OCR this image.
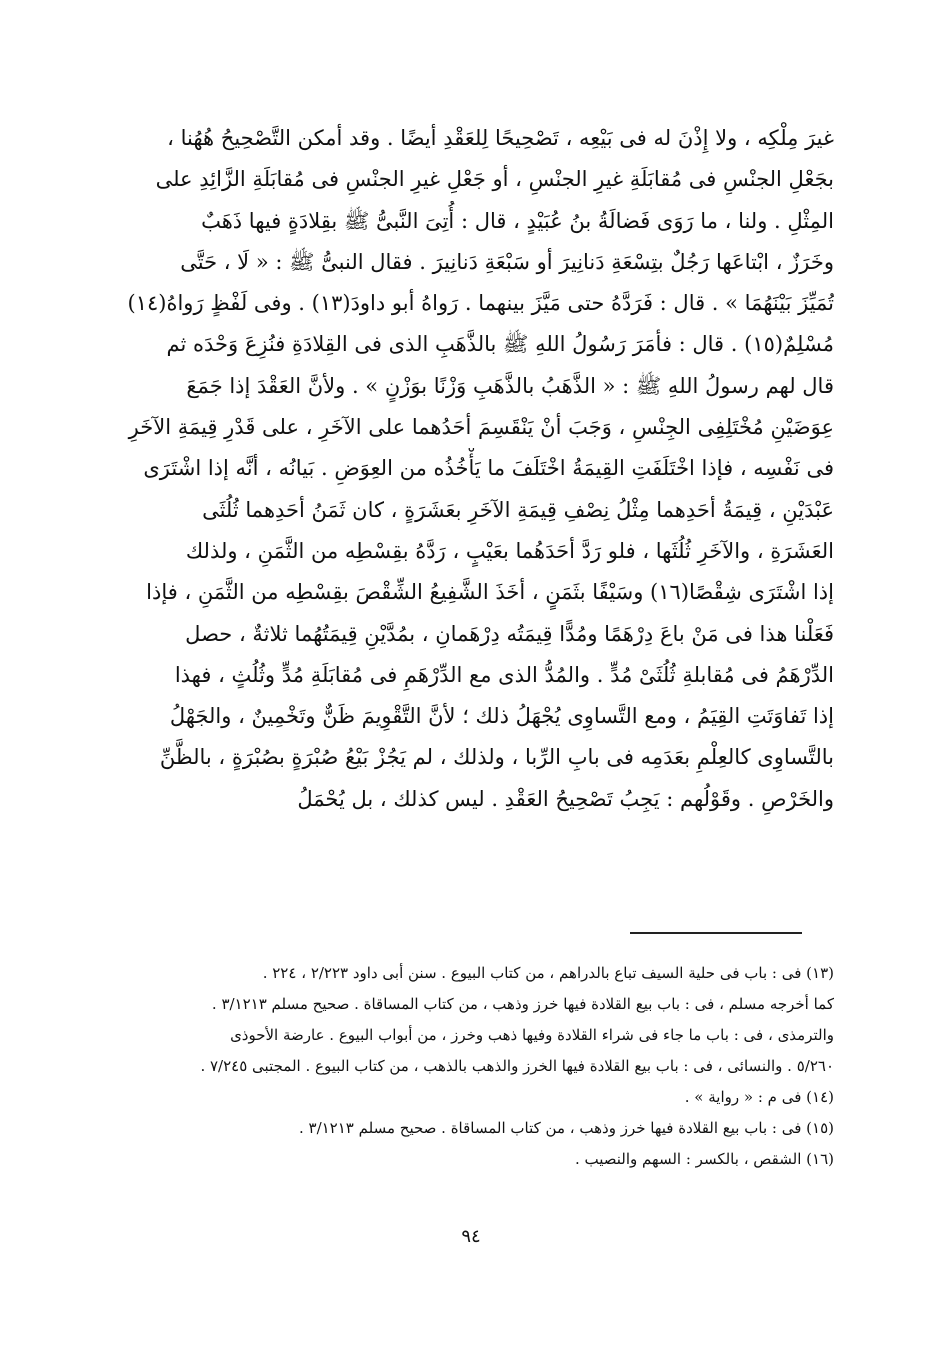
غيرَ مِلْكِه ، ولا إِذْنَ له فى بَيْعِه ، تَصْحِيحًا لِلعَقْدِ أيضًا . وقد أمكن التَّصْحِيحُ هُهُنا ،
بجَعْلِ الجنْسِ فى مُقابَلَةِ غيرِ الجنْسِ ، أو جَعْلِ غيرِ الجنْسِ فى مُقابَلَةِ الزَّائِدِ على
المِثْلِ . ولنا ، ما رَوَى فَضالَةُ بنُ عُبَيْدٍ ، قال : أُتِىَ النَّبىُّ ﷺ بقِلادَةٍ فيها ذَهَبٌ
وخَرَزٌ ، ابْتاعَها رَجُلٌ بتِسْعَةِ دَنانِيرَ أو سَبْعَةِ دَنانِيرَ . فقال النبىُّ ﷺ : « لَا ، حَتَّى
تُمَيِّزَ بَيْنَهُمَا » . قال : فَرَدَّهُ حتى مَيَّزَ بينهما . رَواهُ أبو داودَ(١٣) . وفى لَفْظٍ رَواهُ(١٤)
مُسْلِمٌ(١٥) . قال : فأمَرَ رَسُولُ اللهِ ﷺ بالذَّهَبِ الذى فى القِلادَةِ فنُزِعَ وَحْدَه ثم
قال لهم رسولُ اللهِ ﷺ : « الذَّهَبُ بالذَّهَبِ وَزْنًا بوَزْنٍ » . ولأنَّ العَقْدَ إذا جَمَعَ
عِوَضَيْنِ مُخْتَلِفِى الجِنْسِ ، وَجَبَ أنْ يَنْقَسِمَ أحَدُهما على الآخَرِ ، على قَدْرِ قِيمَةِ الآخَرِ
فى نَفْسِه ، فإذا اخْتَلَفَتِ القِيمَةُ اخْتَلَفَ ما يَأْخُذُه من العِوَضِ . بَيانُه ، أنَّه إذا اشْتَرَى
عَبْدَيْنِ ، قِيمَةُ أحَدِهما مِثْلُ نِصْفِ قِيمَةِ الآخَرِ بعَشَرَةٍ ، كان ثَمَنُ أحَدِهما ثُلُثَى
العَشَرَةِ ، والآخَرِ ثُلُثَها ، فلو رَدَّ أحَدَهُما بعَيْبٍ ، رَدَّهُ بقِسْطِه من الثَّمَنِ ، ولذلك
إذا اشْتَرَى شِقْصًا(١٦) وسَيْفًا بثَمَنٍ ، أخَذَ الشَّفِيعُ الشِّقْصَ بقِسْطِه من الثَّمَنِ ، فإذا
فَعَلْنا هذا فى مَنْ باعَ دِرْهَمًا ومُدًّا قِيمَتُه دِرْهَمانِ ، بمُدَّيْنِ قِيمَتُهُما ثلاثةٌ ، حصل
الدِّرْهَمُ فى مُقابلةِ ثُلُثَىْ مُدٍّ . والمُدُّ الذى مع الدِّرْهَمِ فى مُقابَلَةِ مُدٍّ وثُلُثٍ ، فهذا
إذا تَفاوَتَتِ القِيَمُ ، ومع التَّساوِى يُجْهَلُ ذلك ؛ لأنَّ التَّقْوِيمَ ظَنٌّ وتَخْمِينٌ ، والجَهْلُ
بالتَّساوِى كالعِلْمِ بعَدَمِه فى بابِ الرِّبا ، ولذلك ، لم يَجُزْ بَيْعُ صُبْرَةٍ بصُبْرَةٍ ، بالظَّنِّ
والخَرْصِ . وقَوْلُهم : يَجِبُ تَصْحِيحُ العَقْدِ . ليس كذلك ، بل يُحْمَلُ
(١٣) فى : باب فى حلية السيف تباع بالدراهم ، من كتاب البيوع . سنن أبى داود ٢/٢٢٣ ، ٢٢٤ .
كما أخرجه مسلم ، فى : باب بيع القلادة فيها خرز وذهب ، من كتاب المساقاة . صحيح مسلم ٣/١٢١٣ .
والترمذى ، فى : باب ما جاء فى شراء القلادة وفيها ذهب وخرز ، من أبواب البيوع . عارضة الأحوذى
٥/٢٦٠ . والنسائى ، فى : باب بيع القلادة فيها الخرز والذهب بالذهب ، من كتاب البيوع . المجتبى ٧/٢٤٥ .
(١٤) فى م : « رواية » .
(١٥) فى : باب بيع القلادة فيها خرز وذهب ، من كتاب المساقاة . صحيح مسلم ٣/١٢١٣ .
(١٦) الشقص ، بالكسر : السهم والنصيب .
٩٤
